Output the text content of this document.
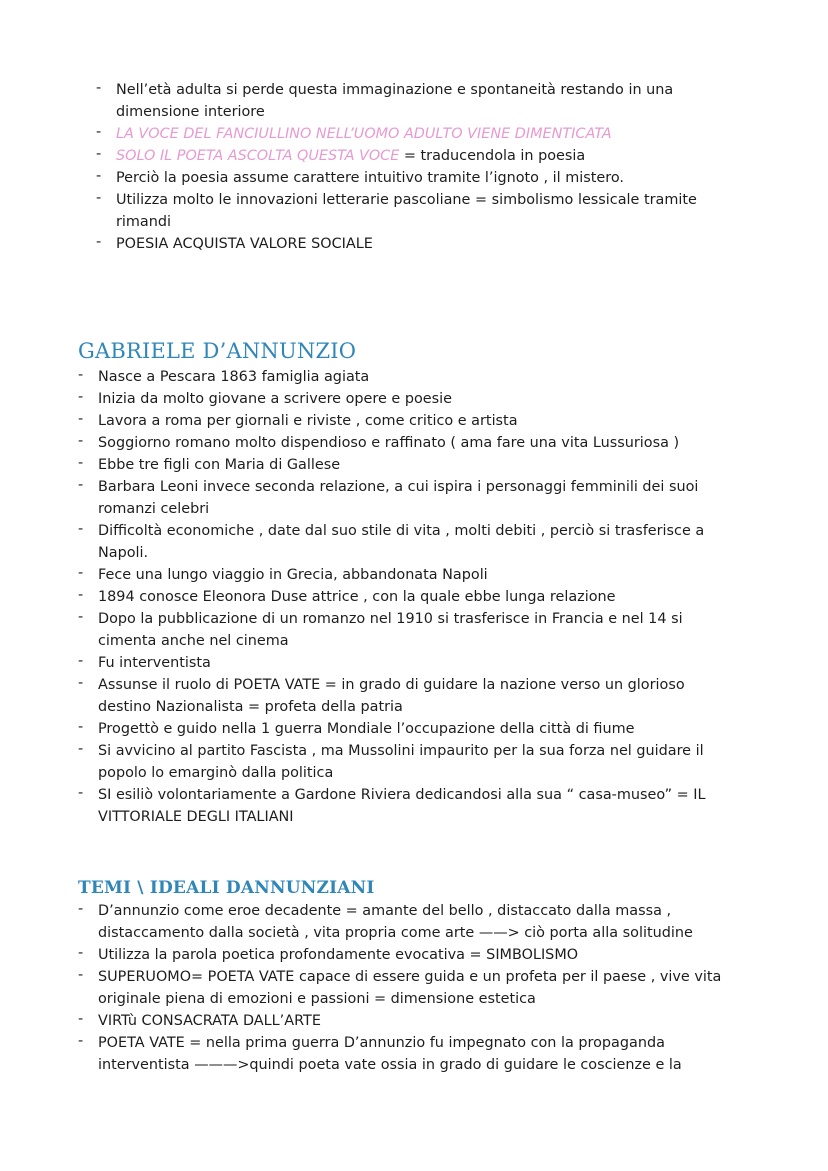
- Nell’età adulta si perde questa immaginazione e spontaneità restando in una dimensione interiore
- LA VOCE DEL FANCIULLINO NELL’UOMO ADULTO VIENE DIMENTICATA
- SOLO IL POETA ASCOLTA QUESTA VOCE = traducendola in poesia
- Perciò la poesia assume carattere intuitivo tramite l’ignoto , il mistero.
- Utilizza molto le innovazioni letterarie pascoliane = simbolismo lessicale tramite rimandi
- POESIA ACQUISTA VALORE SOCIALE
GABRIELE D’ANNUNZIO
- Nasce a Pescara 1863 famiglia agiata
- Inizia da molto giovane a scrivere opere e poesie
- Lavora a roma per giornali e riviste , come critico e artista
- Soggiorno romano molto dispendioso e raffinato ( ama fare una vita Lussuriosa )
- Ebbe tre figli con Maria di Gallese
- Barbara Leoni invece seconda relazione, a cui ispira i personaggi femminili dei suoi romanzi celebri
- Difficoltà economiche , date dal suo stile di vita , molti debiti , perciò si trasferisce a Napoli.
- Fece una lungo viaggio in Grecia, abbandonata Napoli
- 1894 conosce Eleonora Duse attrice , con la quale ebbe lunga relazione
- Dopo la pubblicazione di un romanzo nel 1910 si trasferisce in Francia e nel 14 si cimenta anche nel cinema
- Fu interventista
- Assunse il ruolo di POETA VATE = in grado di guidare la nazione verso un glorioso destino Nazionalista = profeta della patria
- Progettò e guido nella 1 guerra Mondiale l’occupazione della città di fiume
- Si avvicino al partito Fascista , ma Mussolini impaurito per la sua forza nel guidare il popolo lo emarginò dalla politica
- SI esiliò volontariamente a Gardone Riviera dedicandosi alla sua “ casa-museo” = IL VITTORIALE DEGLI ITALIANI
TEMI \ IDEALI DANNUNZIANI
- D’annunzio come eroe decadente = amante del bello , distaccato dalla massa , distaccamento dalla società , vita propria come arte ——> ciò porta alla solitudine
- Utilizza la parola poetica profondamente evocativa = SIMBOLISMO
- SUPERUOMO= POETA VATE capace di essere guida e un profeta per il paese , vive vita originale piena di emozioni e passioni = dimensione estetica
- VIRTù CONSACRATA DALL’ARTE
- POETA VATE = nella prima guerra D’annunzio fu impegnato con la propaganda interventista ———>quindi poeta vate ossia in grado di guidare le coscienze e la
